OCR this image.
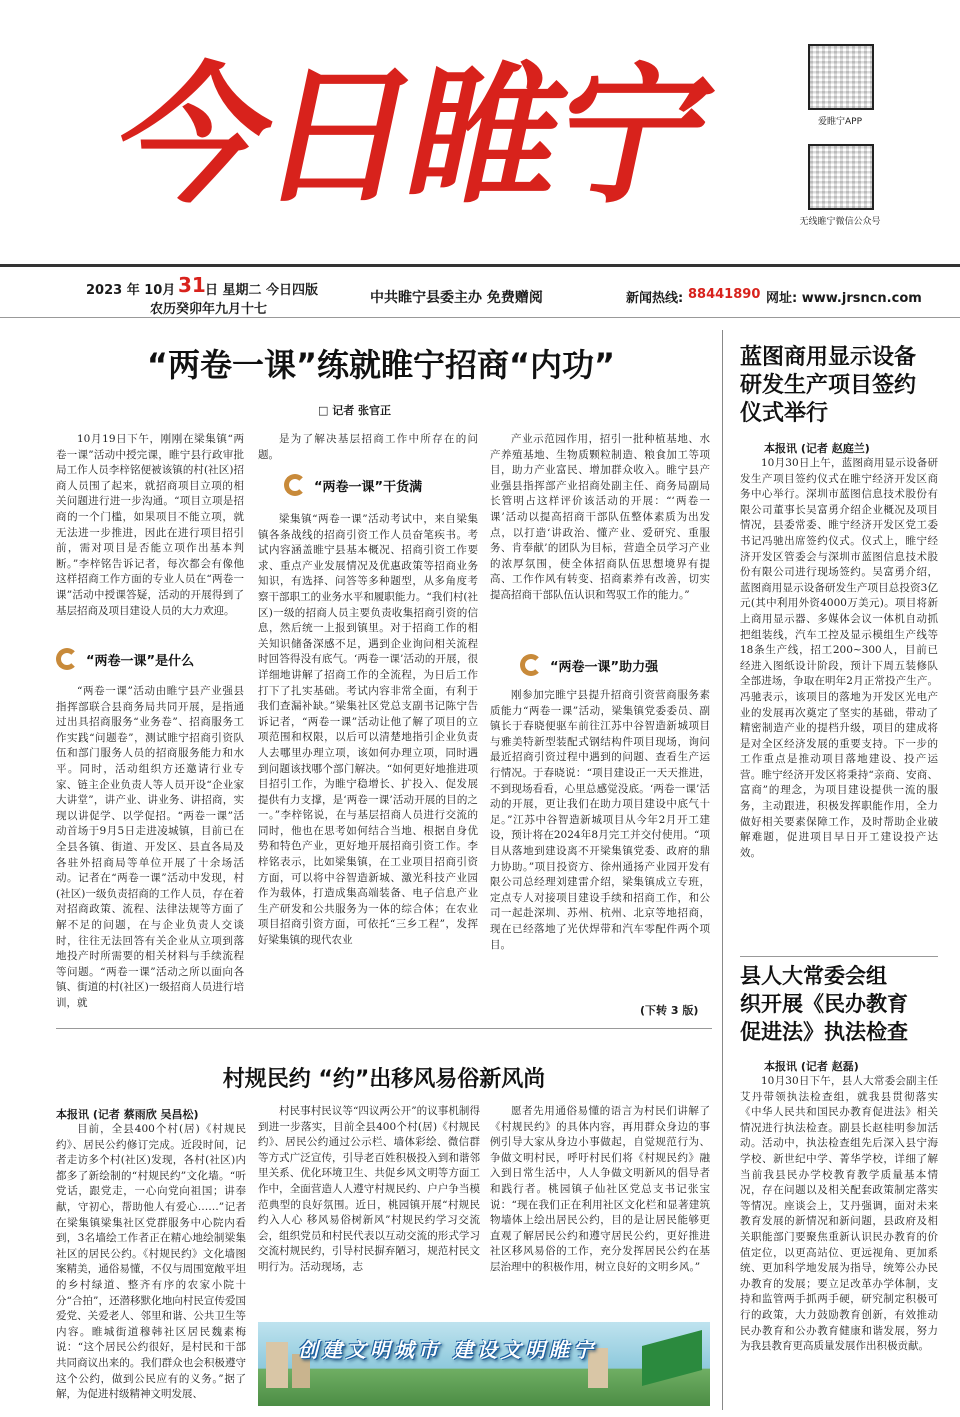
今日睢宁	爱睢宁APP
无线睢宁微信公众号
2023 年 10月 31 日 星期二 今日四版
农历癸卯年九月十七
中共睢宁县委主办 免费赠阅	新闻热线: 88441890 网址: www.jrsncn.com
“两卷一课”练就睢宁招商“内功”
□ 记者 张官正
10月19日下午，刚刚在梁集镇“两卷一课”活动中授完课，睢宁县行政审批局工作人员李梓铭便被该镇的村(社区)招商人员围了起来，就招商项目立项的相关问题进行进一步沟通。“项目立项是招商的一个门槛，如果项目不能立项，就无法进一步推进，因此在进行项目招引前，需对项目是否能立项作出基本判断。”李梓铭告诉记者，每次都会有像他这样招商工作方面的专业人员在“两卷一课”活动中授课答疑，活动的开展得到了基层招商及项目建设人员的大力欢迎。
“两卷一课”是什么
“两卷一课”活动由睢宁县产业强县指挥部联合县商务局共同开展，是指通过出具招商服务“业务卷”、招商服务工作实践“问题卷”，测试睢宁招商引资队伍和部门服务人员的招商服务能力和水平。同时，活动组织方还邀请行业专家、链主企业负责人等人员开设“企业家大讲堂”，讲产业、讲业务、讲招商，实现以讲促学、以学促招。“两卷一课”活动首场于9月5日走进凌城镇，目前已在全县各镇、街道、开发区、县直各局及各驻外招商局等单位开展了十余场活动。记者在“两卷一课”活动中发现，村(社区)一级负责招商的工作人员，存在着对招商政策、流程、法律法规等方面了解不足的问题，在与企业负责人交谈时，往往无法回答有关企业从立项到落地投产时所需要的相关材料与手续流程等问题。“两卷一课”活动之所以面向各镇、街道的村(社区)一级招商人员进行培训，就
是为了解决基层招商工作中所存在的问题。
“两卷一课”干货满
梁集镇“两卷一课”活动考试中，来自梁集镇各条战线的招商引资工作人员奋笔疾书。考试内容涵盖睢宁县基本概况、招商引资工作要求、重点产业发展情况及优惠政策等招商业务知识，有选择、问答等多种题型，从多角度考察干部职工的业务水平和履职能力。“我们村(社区)一级的招商人员主要负责收集招商引资的信息，然后统一上报到镇里。对于招商工作的相关知识储备深感不足，遇到企业询问相关流程时回答得没有底气。‘两卷一课’活动的开展，很详细地讲解了招商工作的全流程，为日后工作打下了扎实基础。考试内容非常全面，有利于我们查漏补缺。”梁集社区党总支副书记陈宁告诉记者，“两卷一课”活动让他了解了项目的立项范围和权限，以后可以清楚地指引企业负责人去哪里办理立项，该如何办理立项，同时遇到问题该找哪个部门解决。“如何更好地推进项目招引工作，为睢宁稳增长、扩投入、促发展提供有力支撑，是‘两卷一课’活动开展的目的之一。”李梓铭说，在与基层招商人员进行交流的同时，他也在思考如何结合当地、根据自身优势和特色产业，更好地开展招商引资工作。李梓铭表示，比如梁集镇，在工业项目招商引资方面，可以将中谷智造新城、激光科技产业园作为载体，打造成集高端装备、电子信息产业生产研发和公共服务为一体的综合体；在农业项目招商引资方面，可依托“三乡工程”，发挥好梁集镇的现代农业
产业示范园作用，招引一批种植基地、水产养殖基地、生物质颗粒制造、粮食加工等项目，助力产业富民、增加群众收入。睢宁县产业强县指挥部产业招商处副主任、商务局副局长管明占这样评价该活动的开展：“‘两卷一课’活动以提高招商干部队伍整体素质为出发点，以打造‘讲政治、懂产业、爱研究、重服务、肯奉献’的团队为目标，营造全员学习产业的浓厚氛围，使全体招商队伍思想境界有提高、工作作风有转变、招商素养有改善，切实提高招商干部队伍认识和驾驭工作的能力。”
“两卷一课”助力强
刚参加完睢宁县提升招商引资营商服务素质能力“两卷一课”活动，梁集镇党委委员、副镇长于春晓便驱车前往江苏中谷智造新城项目与雅美特新型装配式钢结构件项目现场，询问最近招商引资过程中遇到的问题、查看生产运行情况。于春晓说：“项目建设正一天天推进，不到现场看看，心里总感觉没底。‘两卷一课’活动的开展，更让我们在助力项目建设中底气十足。”江苏中谷智造新城项目从今年2月开工建设，预计将在2024年8月完工并交付使用。“项目从落地到建设离不开梁集镇党委、政府的鼎力协助。”项目投资方、徐州通扬产业园开发有限公司总经理刘建雷介绍，梁集镇成立专班，定点专人对接项目建设手续和招商工作，和公司一起赴深圳、苏州、杭州、北京等地招商，现在已经落地了光伏焊带和汽车零配件两个项目。
(下转 3 版)
蓝图商用显示设备
研发生产项目签约
仪式举行
本报讯 (记者 赵庭兰)
10月30日上午，蓝图商用显示设备研发生产项目签约仪式在睢宁经济开发区商务中心举行。深圳市蓝图信息技术股份有限公司董事长吴富勇介绍企业概况及项目情况，县委常委、睢宁经济开发区党工委书记冯驰出席签约仪式。仪式上，睢宁经济开发区管委会与深圳市蓝图信息技术股份有限公司进行现场签约。吴富勇介绍，蓝图商用显示设备研发生产项目总投资3亿元(其中利用外资4000万美元)。项目将新上商用显示器、多媒体会议一体机自动抓把组装线，汽车工控及显示模组生产线等18条生产线，招工200~300人，目前已经进入图纸设计阶段，预计下周五装修队全部进场，争取在明年2月正常投产生产。冯驰表示，该项目的落地为开发区光电产业的发展再次奠定了坚实的基础，带动了精密制造产业的提档升级，项目的建成将是对全区经济发展的重要支持。下一步的工作重点是推动项目落地建设、投产运营。睢宁经济开发区将秉持“亲商、安商、富商”的理念，为项目建设提供一流的服务，主动跟进，积极发挥职能作用，全力做好相关要素保障工作，及时帮助企业破解难题，促进项目早日开工建设投产达效。
县人大常委会组
织开展《民办教育
促进法》执法检查
本报讯 (记者 赵磊)
10月30日下午，县人大常委会副主任艾丹带领执法检查组，就我县贯彻落实《中华人民共和国民办教育促进法》相关情况进行执法检查。副县长赵桂明参加活动。活动中，执法检查组先后深入县宁海学校、新世纪中学、菁华学校，详细了解当前我县民办学校教育教学质量基本情况，存在问题以及相关配套政策制定落实等情况。座谈会上，艾丹强调，面对未来教育发展的新情况和新问题，县政府及相关职能部门要聚焦重新认识民办教育的价值定位，以更高站位、更远视角、更加系统、更加科学地发展为指导，统筹公办民办教育的发展；要立足改革办学体制，支持和监管两手抓两手硬，研究制定积极可行的政策，大力鼓励教育创新，有效推动民办教育和公办教育健康和谐发展，努力为我县教育更高质量发展作出积极贡献。
村规民约 “约”出移风易俗新风尚
本报讯 (记者 蔡雨欣 吴昌松)
目前，全县400个村(居)《村规民约》、居民公约修订完成。近段时间，记者走访多个村(社区)发现，各村(社区)内都多了新绘制的“村规民约”文化墙。“听党话，跟党走，一心向党向祖国；讲奉献，守初心，帮助他人有爱心……”记者在梁集镇梁集社区党群服务中心院内看到，3名墙绘工作者正在精心地绘制梁集社区的居民公约。《村规民约》文化墙图案精美，通俗易懂，不仅与周围宽敞平坦的乡村绿道、整齐有序的农家小院十分“合拍”，还潜移默化地向村民宣传爱国爱党、关爱老人、邻里和谐、公共卫生等内容。睢城街道穆韩社区居民魏素梅说：“这个居民公约很好，是村民和干部共同商议出来的。我们群众也会积极遵守这个公约，做到公民应有的义务。”据了解，为促进村级精神文明发展、
村民事村民议等“四议两公开”的议事机制得到进一步落实，目前全县400个村(居)《村规民约》、居民公约通过公示栏、墙体彩绘、微信群等方式广泛宣传，引导老百姓积极投入到和谐邻里关系、优化环境卫生、共促乡风文明等方面工作中，全面营造人人遵守村规民约、户户争当模范典型的良好氛围。近日，桃园镇开展“村规民约入人心 移风易俗树新风”村规民约学习交流会，组织党员和村民代表以互动交流的形式学习交流村规民约，引导村民摒弃陋习，规范村民文明行为。活动现场，志
愿者先用通俗易懂的语言为村民们讲解了《村规民约》的具体内容，再用群众身边的事例引导大家从身边小事做起，自觉规范行为、争做文明村民，呼吁村民们将《村规民约》融入到日常生活中，人人争做文明新风的倡导者和践行者。桃园镇子仙社区党总支书记张宝说：“现在我们正在利用社区文化栏和显著建筑物墙体上绘出居民公约，目的是让居民能够更直观了解居民公约和遵守居民公约，更好推进社区移风易俗的工作，充分发挥居民公约在基层治理中的积极作用，树立良好的文明乡风。”
创建文明城市 建设文明睢宁
